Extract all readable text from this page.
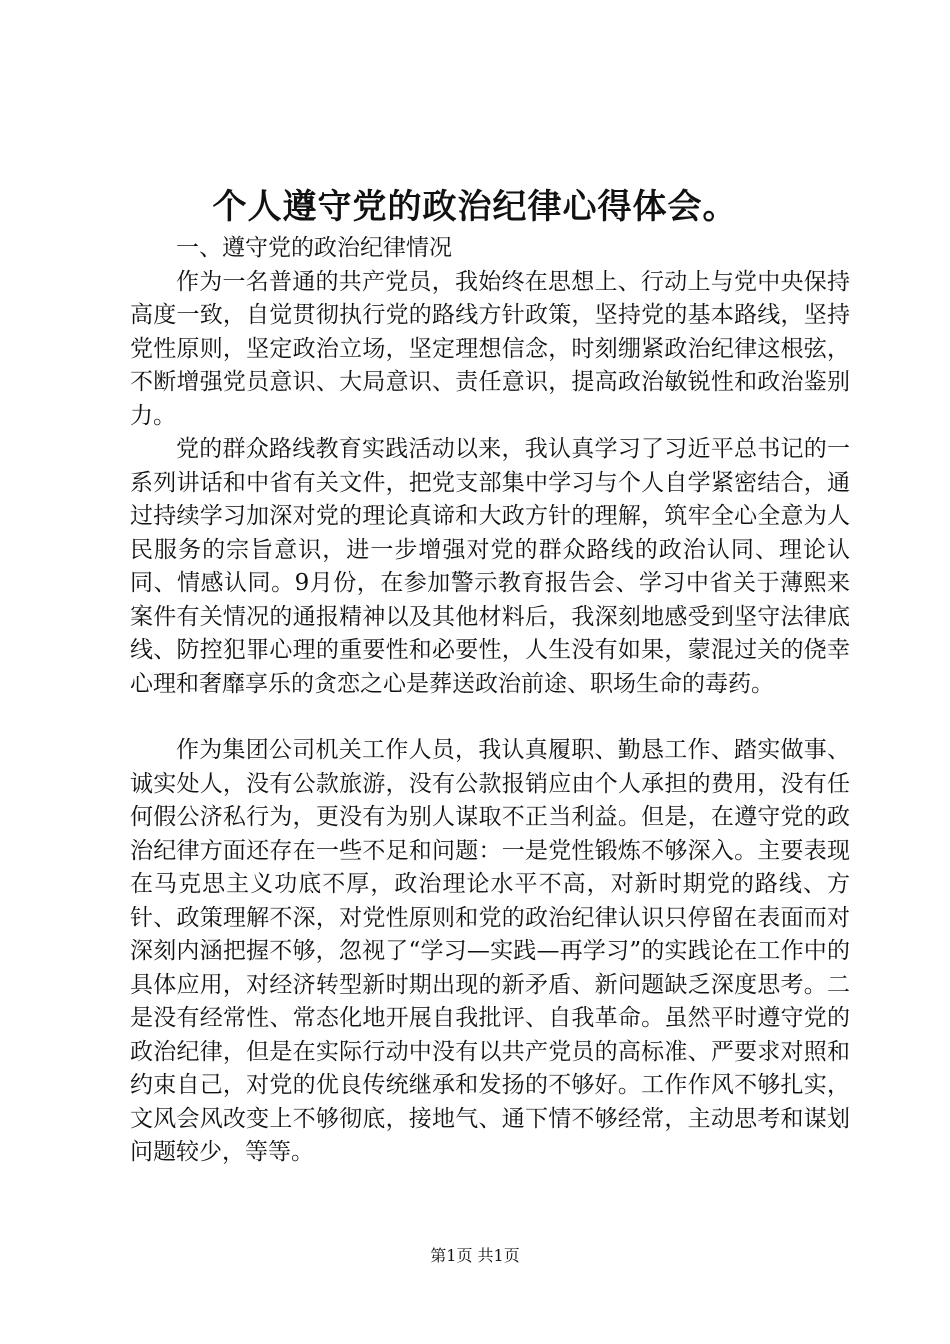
个人遵守党的政治纪律心得体会。

一、遵守党的政治纪律情况

作为一名普通的共产党员，我始终在思想上、行动上与党中央保持高度一致，自觉贯彻执行党的路线方针政策，坚持党的基本路线，坚持党性原则，坚定政治立场，坚定理想信念，时刻绷紧政治纪律这根弦，不断增强党员意识、大局意识、责任意识，提高政治敏锐性和政治鉴别力。

党的群众路线教育实践活动以来，我认真学习了习近平总书记的一系列讲话和中省有关文件，把党支部集中学习与个人自学紧密结合，通过持续学习加深对党的理论真谛和大政方针的理解，筑牢全心全意为人民服务的宗旨意识，进一步增强对党的群众路线的政治认同、理论认同、情感认同。9月份，在参加警示教育报告会、学习中省关于薄熙来案件有关情况的通报精神以及其他材料后，我深刻地感受到坚守法律底线、防控犯罪心理的重要性和必要性，人生没有如果，蒙混过关的侥幸心理和奢靡享乐的贪恋之心是葬送政治前途、职场生命的毒药。

作为集团公司机关工作人员，我认真履职、勤恳工作、踏实做事、诚实处人，没有公款旅游，没有公款报销应由个人承担的费用，没有任何假公济私行为，更没有为别人谋取不正当利益。但是，在遵守党的政治纪律方面还存在一些不足和问题：一是党性锻炼不够深入。主要表现在马克思主义功底不厚，政治理论水平不高，对新时期党的路线、方针、政策理解不深，对党性原则和党的政治纪律认识只停留在表面而对深刻内涵把握不够，忽视了“学习—实践—再学习”的实践论在工作中的具体应用，对经济转型新时期出现的新矛盾、新问题缺乏深度思考。二是没有经常性、常态化地开展自我批评、自我革命。虽然平时遵守党的政治纪律，但是在实际行动中没有以共产党员的高标准、严要求对照和约束自己，对党的优良传统继承和发扬的不够好。工作作风不够扎实，文风会风改变上不够彻底，接地气、通下情不够经常，主动思考和谋划问题较少，等等。

第1页 共1页
